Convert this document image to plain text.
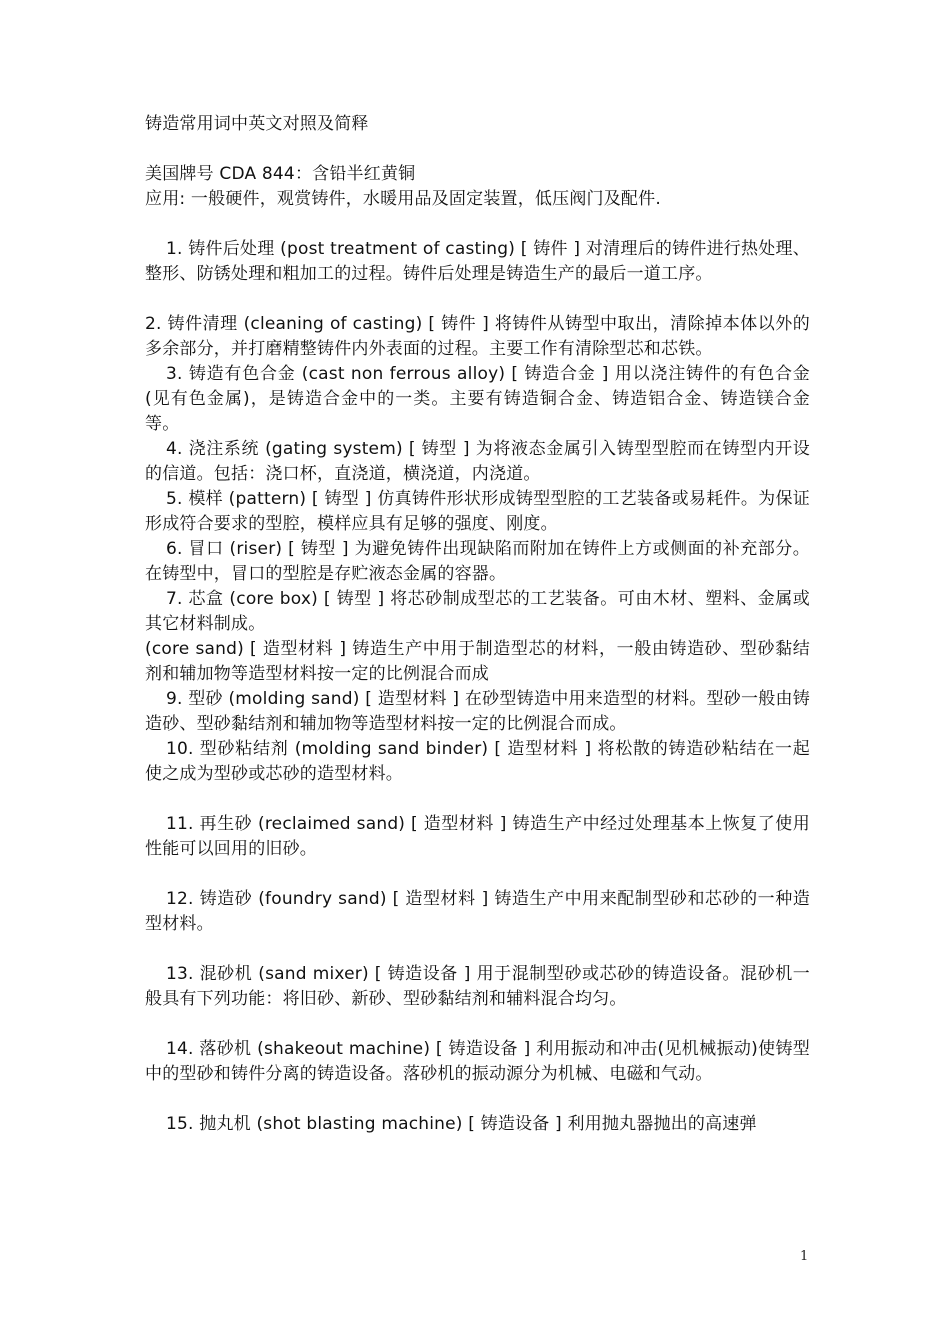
铸造常用词中英文对照及简释

美国牌号 CDA 844：含铅半红黄铜

应用: 一般硬件，观赏铸件，水暖用品及固定装置，低压阀门及配件.

1. 铸件后处理 (post treatment of casting) [ 铸件 ] 对清理后的铸件进行热处理、整形、防锈处理和粗加工的过程。铸件后处理是铸造生产的最后一道工序。

2. 铸件清理 (cleaning of casting) [ 铸件 ] 将铸件从铸型中取出，清除掉本体以外的多余部分，并打磨精整铸件内外表面的过程。主要工作有清除型芯和芯铁。

3. 铸造有色合金 (cast non ferrous alloy) [ 铸造合金 ] 用以浇注铸件的有色合金(见有色金属)，是铸造合金中的一类。主要有铸造铜合金、铸造铝合金、铸造镁合金等。

4. 浇注系统 (gating system) [ 铸型 ] 为将液态金属引入铸型型腔而在铸型内开设的信道。包括：浇口杯，直浇道，横浇道，内浇道。

5. 模样 (pattern) [ 铸型 ] 仿真铸件形状形成铸型型腔的工艺装备或易耗件。为保证形成符合要求的型腔，模样应具有足够的强度、刚度。

6. 冒口 (riser) [ 铸型 ] 为避免铸件出现缺陷而附加在铸件上方或侧面的补充部分。在铸型中，冒口的型腔是存贮液态金属的容器。

7. 芯盒 (core box) [ 铸型 ] 将芯砂制成型芯的工艺装备。可由木材、塑料、金属或其它材料制成。

(core sand) [ 造型材料 ] 铸造生产中用于制造型芯的材料，一般由铸造砂、型砂黏结剂和辅加物等造型材料按一定的比例混合而成

9. 型砂 (molding sand) [ 造型材料 ] 在砂型铸造中用来造型的材料。型砂一般由铸造砂、型砂黏结剂和辅加物等造型材料按一定的比例混合而成。

10. 型砂粘结剂 (molding sand binder) [ 造型材料 ] 将松散的铸造砂粘结在一起使之成为型砂或芯砂的造型材料。

11. 再生砂 (reclaimed sand) [ 造型材料 ] 铸造生产中经过处理基本上恢复了使用性能可以回用的旧砂。

12. 铸造砂 (foundry sand) [ 造型材料 ] 铸造生产中用来配制型砂和芯砂的一种造型材料。

13. 混砂机 (sand mixer) [ 铸造设备 ] 用于混制型砂或芯砂的铸造设备。混砂机一般具有下列功能：将旧砂、新砂、型砂黏结剂和辅料混合均匀。

14. 落砂机 (shakeout machine) [ 铸造设备 ] 利用振动和冲击(见机械振动)使铸型中的型砂和铸件分离的铸造设备。落砂机的振动源分为机械、电磁和气动。

15. 抛丸机 (shot blasting machine) [ 铸造设备 ] 利用抛丸器抛出的高速弹

1
